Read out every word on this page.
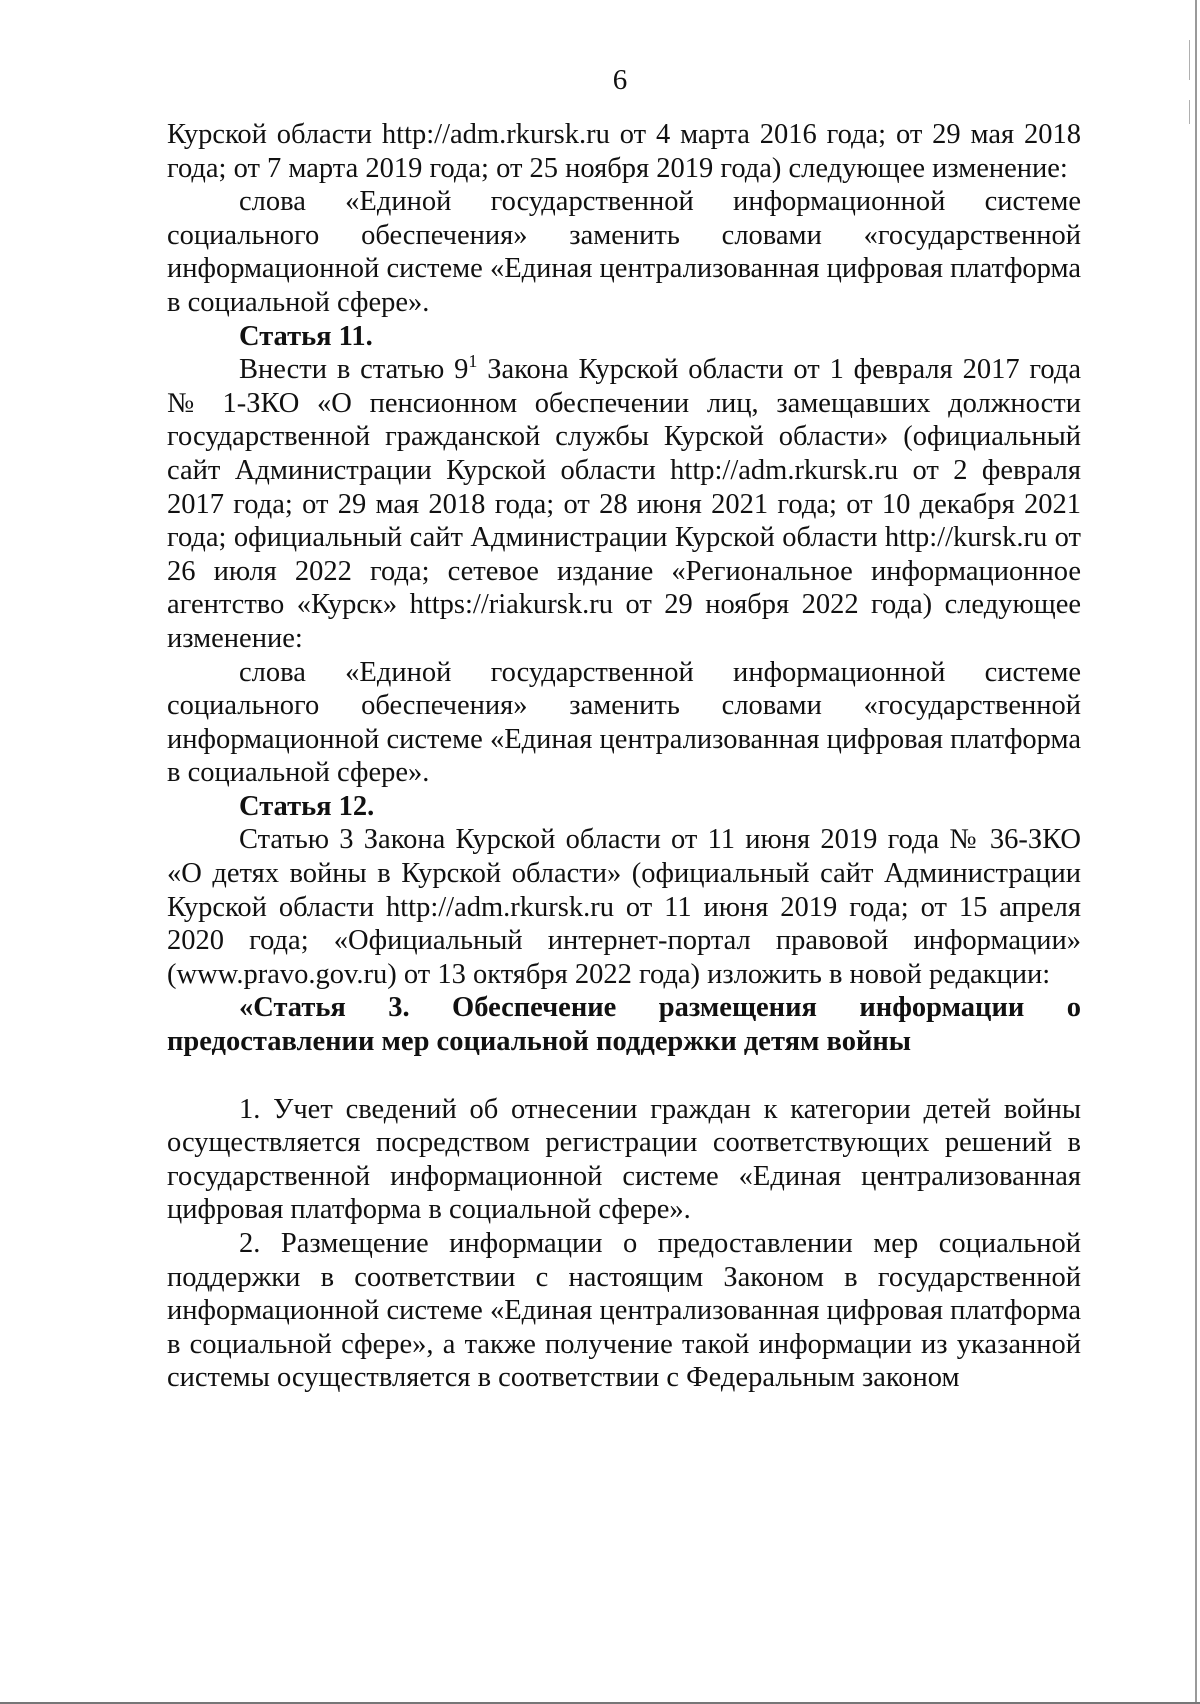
6

Курской области http://adm.rkursk.ru от 4 марта 2016 года; от 29 мая 2018 года; от 7 марта 2019 года; от 25 ноября 2019 года) следующее изменение:

слова «Единой государственной информационной системе социального обеспечения» заменить словами «государственной информационной системе «Единая централизованная цифровая платформа в социальной сфере».

Статья 11.

Внести в статью $9^1$ Закона Курской области от 1 февраля 2017 года № 1-ЗКО «О пенсионном обеспечении лиц, замещавших должности государственной гражданской службы Курской области» (официальный сайт Администрации Курской области http://adm.rkursk.ru от 2 февраля 2017 года; от 29 мая 2018 года; от 28 июня 2021 года; от 10 декабря 2021 года; официальный сайт Администрации Курской области http://kursk.ru от 26 июля 2022 года; сетевое издание «Региональное информационное агентство «Курск» https://riakursk.ru от 29 ноября 2022 года) следующее изменение:

слова «Единой государственной информационной системе социального обеспечения» заменить словами «государственной информационной системе «Единая централизованная цифровая платформа в социальной сфере».

Статья 12.

Статью 3 Закона Курской области от 11 июня 2019 года № 36-ЗКО «О детях войны в Курской области» (официальный сайт Администрации Курской области http://adm.rkursk.ru от 11 июня 2019 года; от 15 апреля 2020 года; «Официальный интернет-портал правовой информации» (www.pravo.gov.ru) от 13 октября 2022 года) изложить в новой редакции:

«Статья 3. Обеспечение размещения информации о предоставлении мер социальной поддержки детям войны

1. Учет сведений об отнесении граждан к категории детей войны осуществляется посредством регистрации соответствующих решений в государственной информационной системе «Единая централизованная цифровая платформа в социальной сфере».

2. Размещение информации о предоставлении мер социальной поддержки в соответствии с настоящим Законом в государственной информационной системе «Единая централизованная цифровая платформа в социальной сфере», а также получение такой информации из указанной системы осуществляется в соответствии с Федеральным законом
